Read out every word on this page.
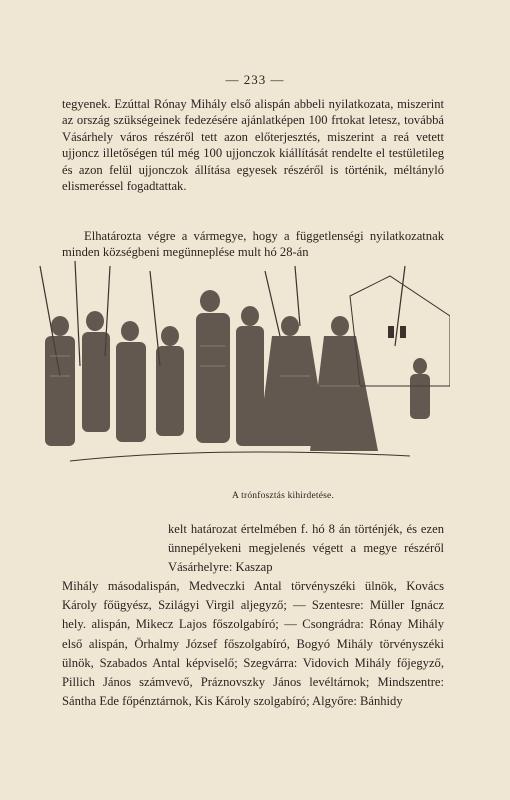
— 233 —

tegyenek. Ezúttal Rónay Mihály első alispán abbeli nyilatkozata, miszerint az ország szükségeinek fedezésére ajánlatképen 100 frtokat letesz, továbbá Vásárhely város részéről tett azon előterjesztés, miszerint a reá vetett ujjoncz illetőségen túl még 100 ujjonczok kiállítását rendelte el testületileg és azon felül ujjonczok állítása egyesek részéről is történik, méltányló elismeréssel fogadtattak.

Elhatározta végre a vármegye, hogy a függetlenségi nyilatkozatnak minden községbeni megünneplése mult hó 28-án

A trónfosztás kihirdetése.

kelt határozat értelmében f. hó 8 án történjék, és ezen ünnepélyekeni megjelenés végett a megye részéről Vásárhelyre: Kaszap

Mihály másodalispán, Medveczki Antal törvényszéki ülnök, Kovács Károly főügyész, Szilágyi Virgil aljegyző; — Szentesre: Müller Ignácz hely. alispán, Mikecz Lajos főszolgabíró; — Csongrádra: Rónay Mihály első alispán, Örhalmy József főszolgabíró, Bogyó Mihály törvényszéki ülnök, Szabados Antal képviselő; Szegvárra: Vidovich Mihály főjegyző, Pillich János számvevő, Práznovszky János levéltárnok; Mindszentre: Sánthа Ede főpénztárnok, Kis Károly szolgabíró; Algyőre: Bánhidy
